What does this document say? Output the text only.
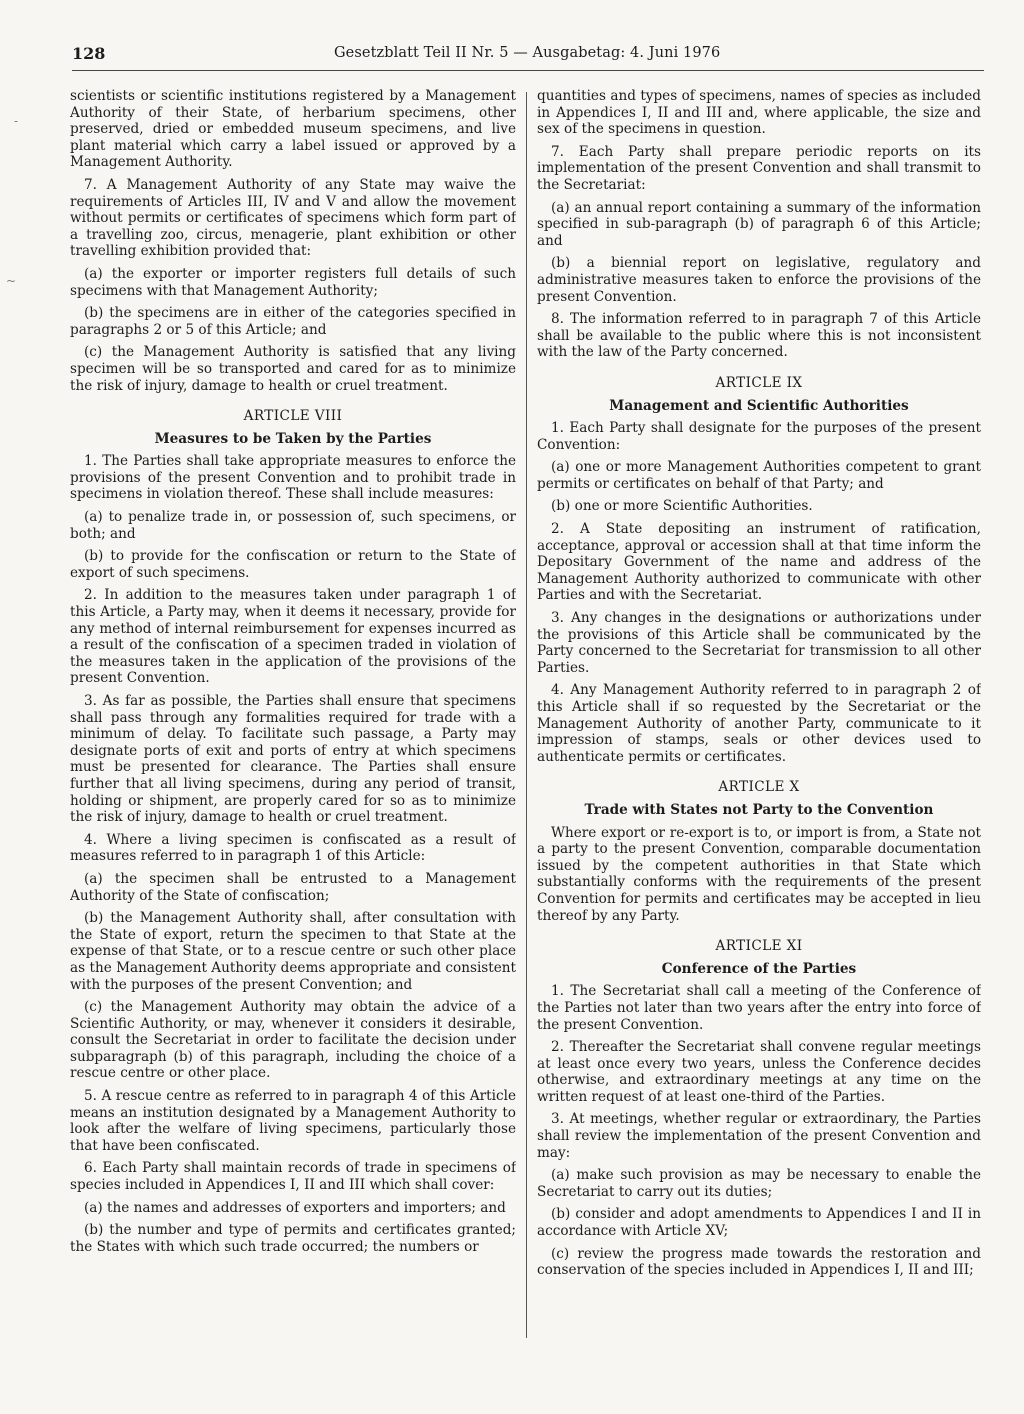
128	Gesetzblatt Teil II Nr. 5 — Ausgabetag: 4. Juni 1976
-
~

scientists or scientific institutions registered by a Management Authority of their State, of herbarium specimens, other preserved, dried or embedded museum specimens, and live plant material which carry a label issued or approved by a Management Authority.

7. A Management Authority of any State may waive the requirements of Articles III, IV and V and allow the movement without permits or certificates of specimens which form part of a travelling zoo, circus, menagerie, plant exhibition or other travelling exhibition provided that:

(a) the exporter or importer registers full details of such specimens with that Management Authority;

(b) the specimens are in either of the categories specified in paragraphs 2 or 5 of this Article; and

(c) the Management Authority is satisfied that any living specimen will be so transported and cared for as to minimize the risk of injury, damage to health or cruel treatment.

ARTICLE VIII
Measures to be Taken by the Parties

1. The Parties shall take appropriate measures to enforce the provisions of the present Convention and to prohibit trade in specimens in violation thereof. These shall include measures:

(a) to penalize trade in, or possession of, such specimens, or both; and

(b) to provide for the confiscation or return to the State of export of such specimens.

2. In addition to the measures taken under paragraph 1 of this Article, a Party may, when it deems it necessary, provide for any method of internal reimbursement for expenses incurred as a result of the confiscation of a specimen traded in violation of the measures taken in the application of the provisions of the present Convention.

3. As far as possible, the Parties shall ensure that specimens shall pass through any formalities required for trade with a minimum of delay. To facilitate such passage, a Party may designate ports of exit and ports of entry at which specimens must be presented for clearance. The Parties shall ensure further that all living specimens, during any period of transit, holding or shipment, are properly cared for so as to minimize the risk of injury, damage to health or cruel treatment.

4. Where a living specimen is confiscated as a result of measures referred to in paragraph 1 of this Article:

(a) the specimen shall be entrusted to a Management Authority of the State of confiscation;

(b) the Management Authority shall, after consultation with the State of export, return the specimen to that State at the expense of that State, or to a rescue centre or such other place as the Management Authority deems appropriate and consistent with the purposes of the present Convention; and

(c) the Management Authority may obtain the advice of a Scientific Authority, or may, whenever it considers it desirable, consult the Secretariat in order to facilitate the decision under subparagraph (b) of this paragraph, including the choice of a rescue centre or other place.

5. A rescue centre as referred to in paragraph 4 of this Article means an institution designated by a Management Authority to look after the welfare of living specimens, particularly those that have been confiscated.

6. Each Party shall maintain records of trade in specimens of species included in Appendices I, II and III which shall cover:

(a) the names and addresses of exporters and importers; and

(b) the number and type of permits and certificates granted; the States with which such trade occurred; the numbers or

quantities and types of specimens, names of species as included in Appendices I, II and III and, where applicable, the size and sex of the specimens in question.

7. Each Party shall prepare periodic reports on its implementation of the present Convention and shall transmit to the Secretariat:

(a) an annual report containing a summary of the information specified in sub-paragraph (b) of paragraph 6 of this Article; and

(b) a biennial report on legislative, regulatory and administrative measures taken to enforce the provisions of the present Convention.

8. The information referred to in paragraph 7 of this Article shall be available to the public where this is not inconsistent with the law of the Party concerned.

ARTICLE IX
Management and Scientific Authorities

1. Each Party shall designate for the purposes of the present Convention:

(a) one or more Management Authorities competent to grant permits or certificates on behalf of that Party; and

(b) one or more Scientific Authorities.

2. A State depositing an instrument of ratification, acceptance, approval or accession shall at that time inform the Depositary Government of the name and address of the Management Authority authorized to communicate with other Parties and with the Secretariat.

3. Any changes in the designations or authorizations under the provisions of this Article shall be communicated by the Party concerned to the Secretariat for transmission to all other Parties.

4. Any Management Authority referred to in paragraph 2 of this Article shall if so requested by the Secretariat or the Management Authority of another Party, communicate to it impression of stamps, seals or other devices used to authenticate permits or certificates.

ARTICLE X
Trade with States not Party to the Convention

Where export or re-export is to, or import is from, a State not a party to the present Convention, comparable documentation issued by the competent authorities in that State which substantially conforms with the requirements of the present Convention for permits and certificates may be accepted in lieu thereof by any Party.

ARTICLE XI
Conference of the Parties

1. The Secretariat shall call a meeting of the Conference of the Parties not later than two years after the entry into force of the present Convention.

2. Thereafter the Secretariat shall convene regular meetings at least once every two years, unless the Conference decides otherwise, and extraordinary meetings at any time on the written request of at least one-third of the Parties.

3. At meetings, whether regular or extraordinary, the Parties shall review the implementation of the present Convention and may:

(a) make such provision as may be necessary to enable the Secretariat to carry out its duties;

(b) consider and adopt amendments to Appendices I and II in accordance with Article XV;

(c) review the progress made towards the restoration and conservation of the species included in Appendices I, II and III;
